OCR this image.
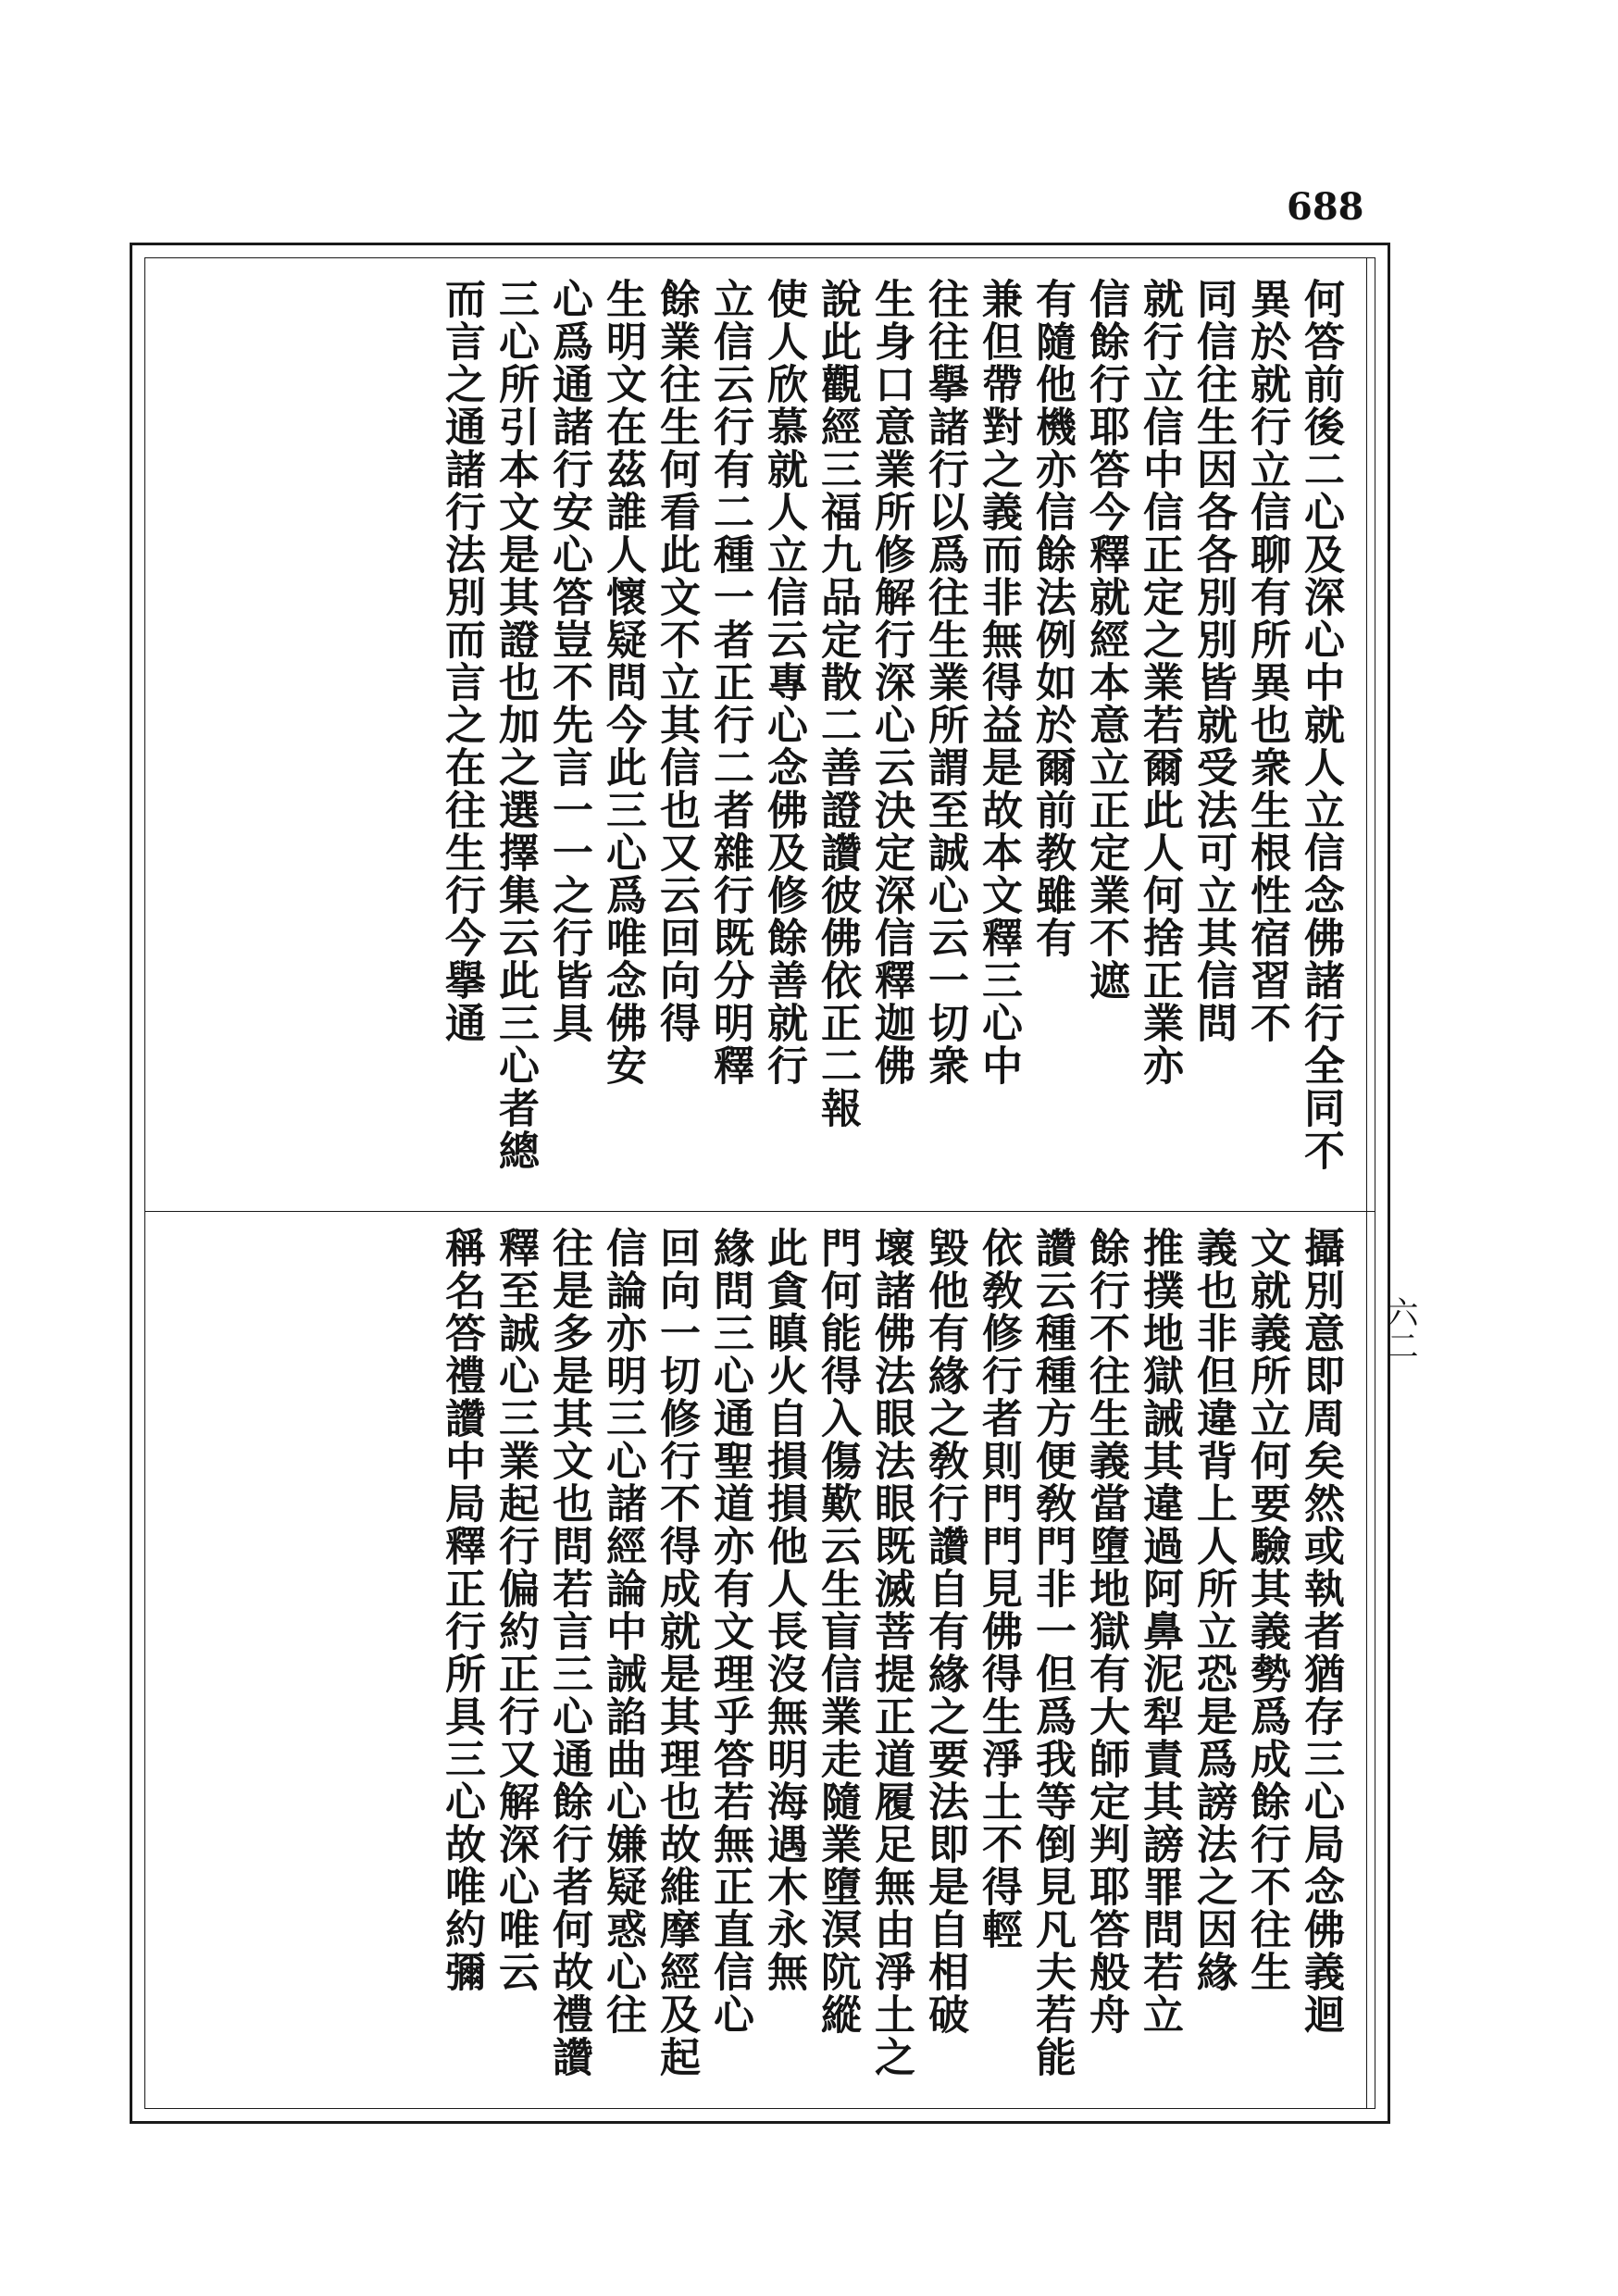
688
六二
何答前後二心及深心中就人立信念佛諸行全同不
異於就行立信聊有所異也衆生根性宿習不
同信往生因各各別別皆就受法可立其信問
就行立信中信正定之業若爾此人何捨正業亦
信餘行耶答今釋就經本意立正定業不遮
有隨他機亦信餘法例如於爾前教雖有
兼但帶對之義而非無得益是故本文釋三心中
往往擧諸行以爲往生業所謂至誠心云一切衆
生身口意業所修解行深心云決定深信釋迦佛
說此觀經三福九品定散二善證讚彼佛依正二報
使人欣慕就人立信云專心念佛及修餘善就行
立信云行有二種一者正行二者雜行既分明釋
餘業往生何看此文不立其信也又云回向得
生明文在茲誰人懷疑問今此三心爲唯念佛安
心爲通諸行安心答豈不先言一一之行皆具
三心所引本文是其證也加之選擇集云此三心者總
而言之通諸行法別而言之在往生行今擧通
攝別意即周矣然或執者猶存三心局念佛義迴
文就義所立何要驗其義勢爲成餘行不往生
義也非但違背上人所立恐是爲謗法之因緣
推撲地獄誡其違過阿鼻泥犁責其謗罪問若立
餘行不往生義當墮地獄有大師定判耶答般舟
讚云種種方便敎門非一但爲我等倒見凡夫若能
依敎修行者則門門見佛得生淨土不得輕
毀他有緣之敎行讚自有緣之要法即是自相破
壞諸佛法眼法眼既滅菩提正道履足無由淨土之
門何能得入傷歎云生盲信業走隨業墮溟阬縱
此貪瞋火自損損他人長沒無明海遇木永無
緣問三心通聖道亦有文理乎答若無正直信心
回向一切修行不得成就是其理也故維摩經及起
信論亦明三心諸經論中誡諂曲心嫌疑惑心往
往是多是其文也問若言三心通餘行者何故禮讚
釋至誠心三業起行偏約正行又解深心唯云
稱名答禮讚中局釋正行所具三心故唯約彌
